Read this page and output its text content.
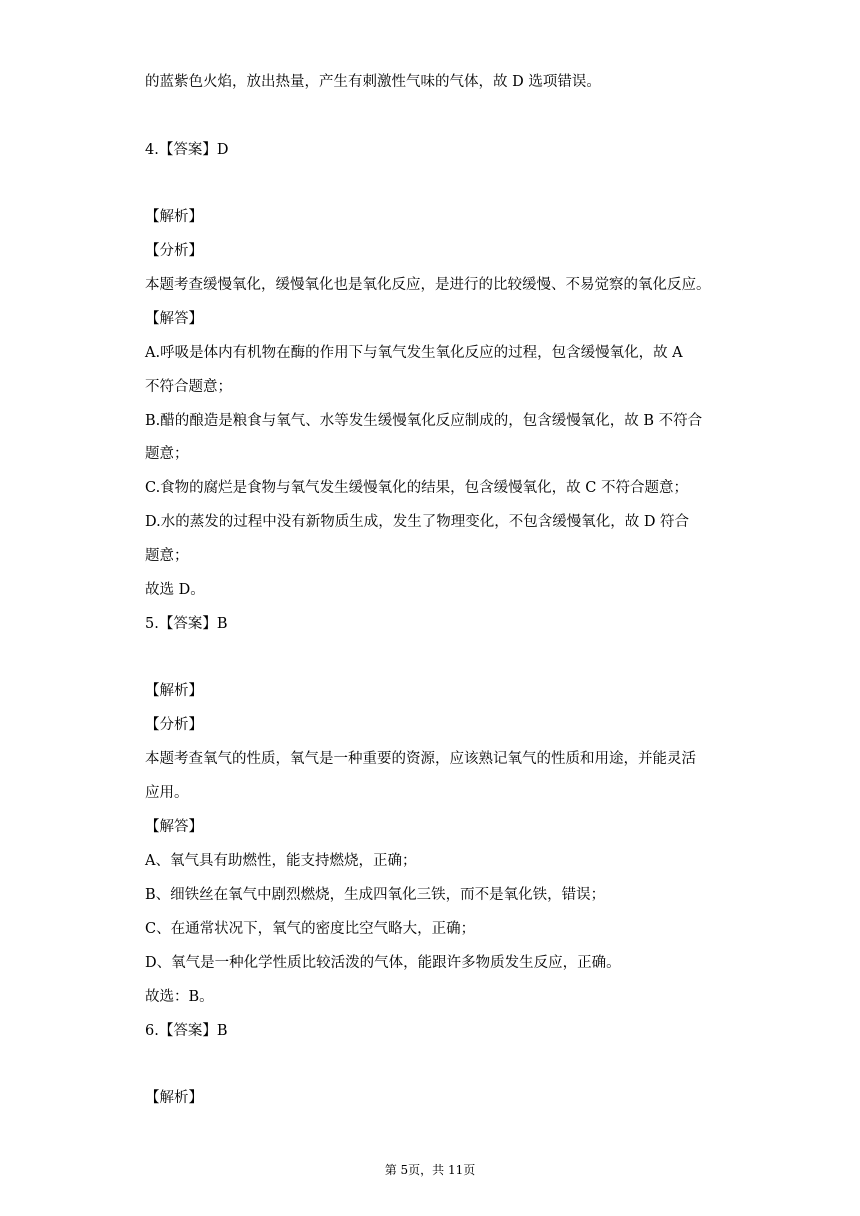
的蓝紫色火焰，放出热量，产生有刺激性气味的气体，故 D 选项错误。
4.【答案】D
【解析】
【分析】
本题考查缓慢氧化，缓慢氧化也是氧化反应，是进行的比较缓慢、不易觉察的氧化反应。
【解答】
A.呼吸是体内有机物在酶的作用下与氧气发生氧化反应的过程，包含缓慢氧化，故 A
不符合题意；
B.醋的酿造是粮食与氧气、水等发生缓慢氧化反应制成的，包含缓慢氧化，故 B 不符合
题意；
C.食物的腐烂是食物与氧气发生缓慢氧化的结果，包含缓慢氧化，故 C 不符合题意；
D.水的蒸发的过程中没有新物质生成，发生了物理变化，不包含缓慢氧化，故 D 符合
题意；
故选 D。
5.【答案】B
【解析】
【分析】
本题考查氧气的性质，氧气是一种重要的资源，应该熟记氧气的性质和用途，并能灵活
应用。
【解答】
A、氧气具有助燃性，能支持燃烧，正确；
B、细铁丝在氧气中剧烈燃烧，生成四氧化三铁，而不是氧化铁，错误；
C、在通常状况下，氧气的密度比空气略大，正确；
D、氧气是一种化学性质比较活泼的气体，能跟许多物质发生反应，正确。
故选：B。
6.【答案】B
【解析】
第 5页，共 11页
